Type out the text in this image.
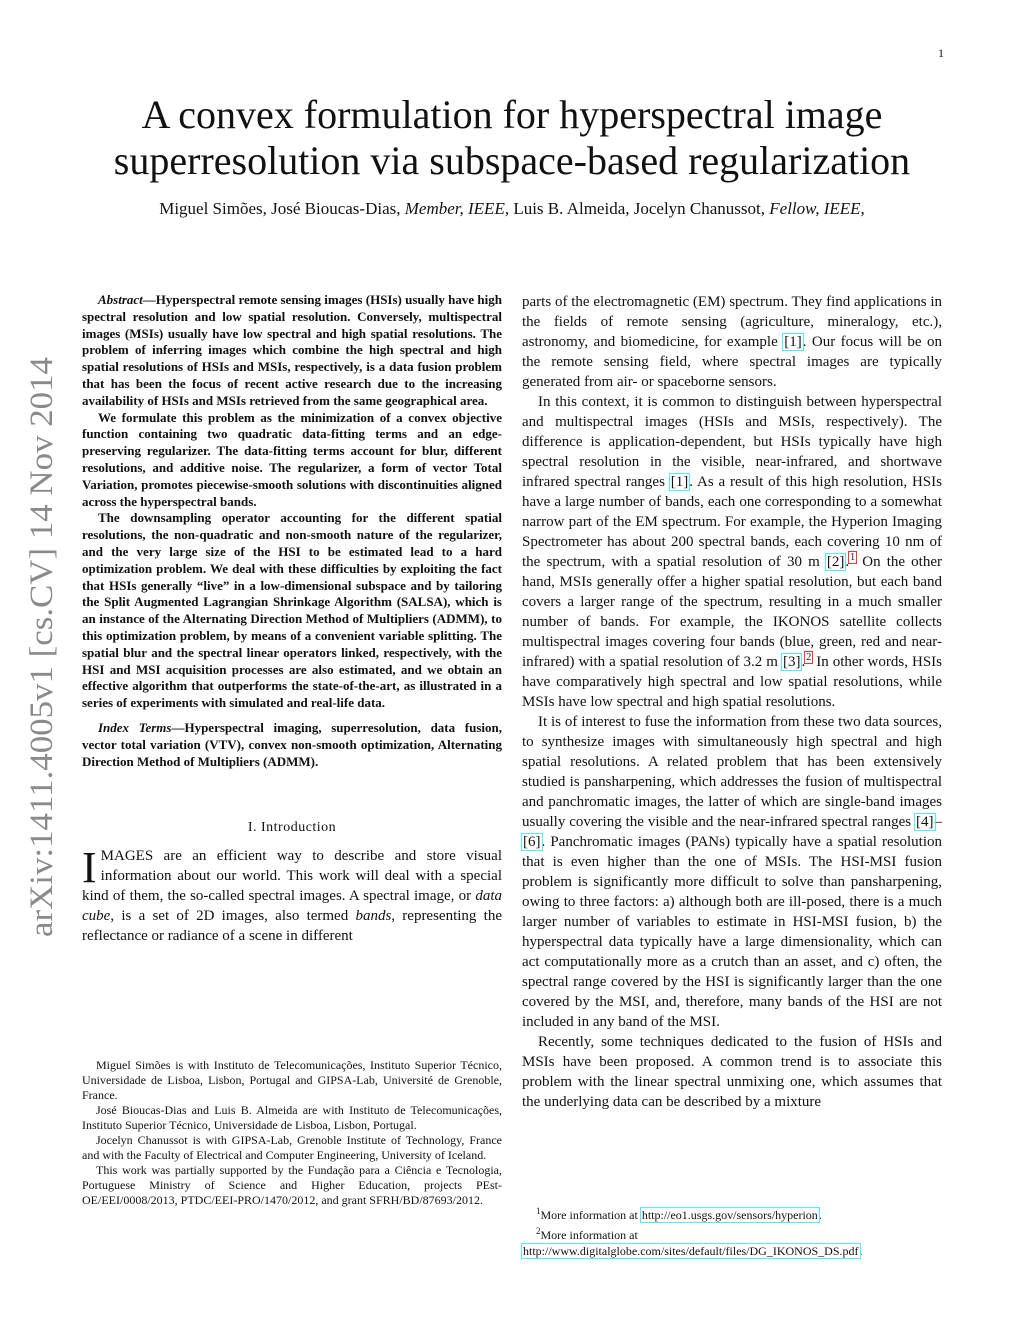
1
arXiv:1411.4005v1 [cs.CV] 14 Nov 2014
A convex formulation for hyperspectral image
superresolution via subspace-based regularization
Miguel Simões, José Bioucas-Dias, Member, IEEE, Luis B. Almeida, Jocelyn Chanussot, Fellow, IEEE,

Abstract—Hyperspectral remote sensing images (HSIs) usually have high spectral resolution and low spatial resolution. Conversely, multispectral images (MSIs) usually have low spectral and high spatial resolutions. The problem of inferring images which combine the high spectral and high spatial resolutions of HSIs and MSIs, respectively, is a data fusion problem that has been the focus of recent active research due to the increasing availability of HSIs and MSIs retrieved from the same geographical area.

We formulate this problem as the minimization of a convex objective function containing two quadratic data-fitting terms and an edge-preserving regularizer. The data-fitting terms account for blur, different resolutions, and additive noise. The regularizer, a form of vector Total Variation, promotes piecewise-smooth solutions with discontinuities aligned across the hyperspectral bands.

The downsampling operator accounting for the different spatial resolutions, the non-quadratic and non-smooth nature of the regularizer, and the very large size of the HSI to be estimated lead to a hard optimization problem. We deal with these difficulties by exploiting the fact that HSIs generally “live” in a low-dimensional subspace and by tailoring the Split Augmented Lagrangian Shrinkage Algorithm (SALSA), which is an instance of the Alternating Direction Method of Multipliers (ADMM), to this optimization problem, by means of a convenient variable splitting. The spatial blur and the spectral linear operators linked, respectively, with the HSI and MSI acquisition processes are also estimated, and we obtain an effective algorithm that outperforms the state-of-the-art, as illustrated in a series of experiments with simulated and real-life data.

Index Terms—Hyperspectral imaging, superresolution, data fusion, vector total variation (VTV), convex non-smooth optimization, Alternating Direction Method of Multipliers (ADMM).

I. Introduction

IMAGES are an efficient way to describe and store visual information about our world. This work will deal with a special kind of them, the so-called spectral images. A spectral image, or data cube, is a set of 2D images, also termed bands, representing the reflectance or radiance of a scene in different

Miguel Simões is with Instituto de Telecomunicações, Instituto Superior Técnico, Universidade de Lisboa, Lisbon, Portugal and GIPSA-Lab, Université de Grenoble, France.

José Bioucas-Dias and Luis B. Almeida are with Instituto de Telecomunicações, Instituto Superior Técnico, Universidade de Lisboa, Lisbon, Portugal.

Jocelyn Chanussot is with GIPSA-Lab, Grenoble Institute of Technology, France and with the Faculty of Electrical and Computer Engineering, University of Iceland.

This work was partially supported by the Fundação para a Ciência e Tecnologia, Portuguese Ministry of Science and Higher Education, projects PEst-OE/EEI/0008/2013, PTDC/EEI-PRO/1470/2012, and grant SFRH/BD/87693/2012.

parts of the electromagnetic (EM) spectrum. They find applications in the fields of remote sensing (agriculture, mineralogy, etc.), astronomy, and biomedicine, for example [1]. Our focus will be on the remote sensing field, where spectral images are typically generated from air- or spaceborne sensors.

In this context, it is common to distinguish between hyperspectral and multispectral images (HSIs and MSIs, respectively). The difference is application-dependent, but HSIs typically have high spectral resolution in the visible, near-infrared, and shortwave infrared spectral ranges [1]. As a result of this high resolution, HSIs have a large number of bands, each one corresponding to a somewhat narrow part of the EM spectrum. For example, the Hyperion Imaging Spectrometer has about 200 spectral bands, each covering 10 nm of the spectrum, with a spatial resolution of 30 m [2].$^1$ On the other hand, MSIs generally offer a higher spatial resolution, but each band covers a larger range of the spectrum, resulting in a much smaller number of bands. For example, the IKONOS satellite collects multispectral images covering four bands (blue, green, red and near-infrared) with a spatial resolution of 3.2 m [3].$^2$ In other words, HSIs have comparatively high spectral and low spatial resolutions, while MSIs have low spectral and high spatial resolutions.

It is of interest to fuse the information from these two data sources, to synthesize images with simultaneously high spectral and high spatial resolutions. A related problem that has been extensively studied is pansharpening, which addresses the fusion of multispectral and panchromatic images, the latter of which are single-band images usually covering the visible and the near-infrared spectral ranges [4]–[6]. Panchromatic images (PANs) typically have a spatial resolution that is even higher than the one of MSIs. The HSI-MSI fusion problem is significantly more difficult to solve than pansharpening, owing to three factors: a) although both are ill-posed, there is a much larger number of variables to estimate in HSI-MSI fusion, b) the hyperspectral data typically have a large dimensionality, which can act computationally more as a crutch than an asset, and c) often, the spectral range covered by the HSI is significantly larger than the one covered by the MSI, and, therefore, many bands of the HSI are not included in any band of the MSI.

Recently, some techniques dedicated to the fusion of HSIs and MSIs have been proposed. A common trend is to associate this problem with the linear spectral unmixing one, which assumes that the underlying data can be described by a mixture

$^1$More information at http://eo1.usgs.gov/sensors/hyperion.

$^2$More information at http://www.digitalglobe.com/sites/default/files/DG_IKONOS_DS.pdf.
